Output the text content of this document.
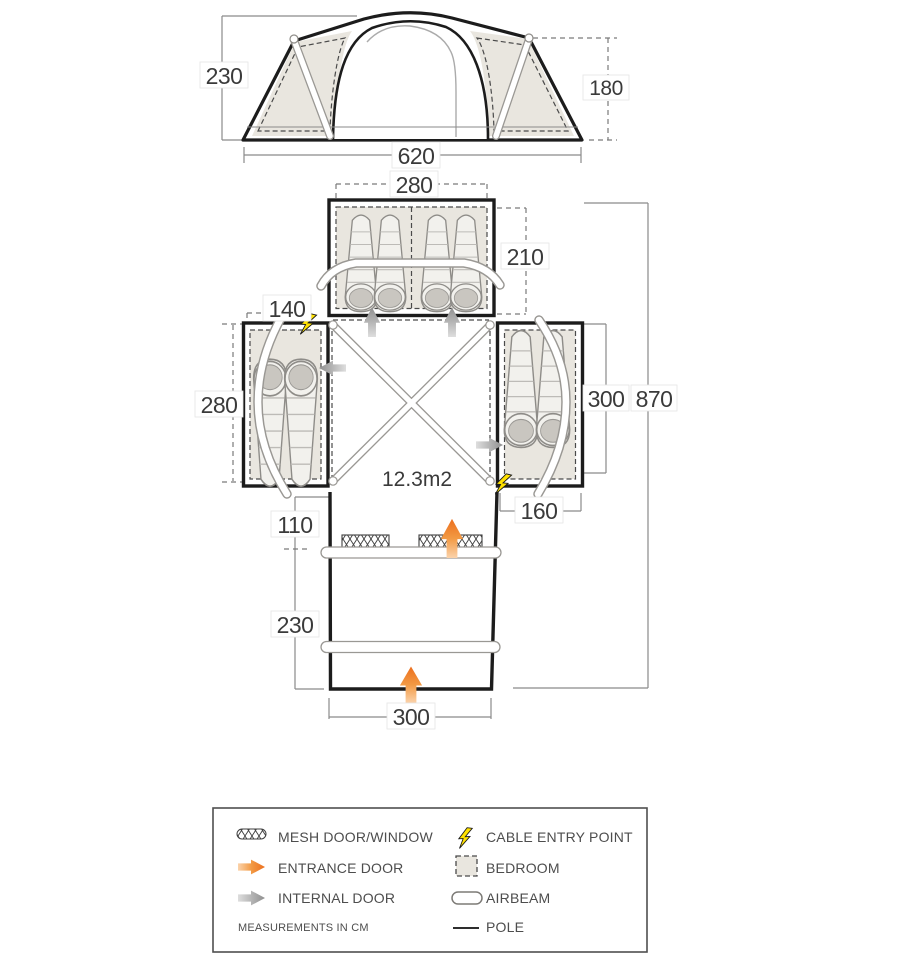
230	180
620
280
210
140
280	300 870
160
110
230
300
12.3m2
MESH DOOR/WINDOW
ENTRANCE DOOR
INTERNAL DOOR
MEASUREMENTS IN CM
CABLE ENTRY POINT
BEDROOM
AIRBEAM
POLE
